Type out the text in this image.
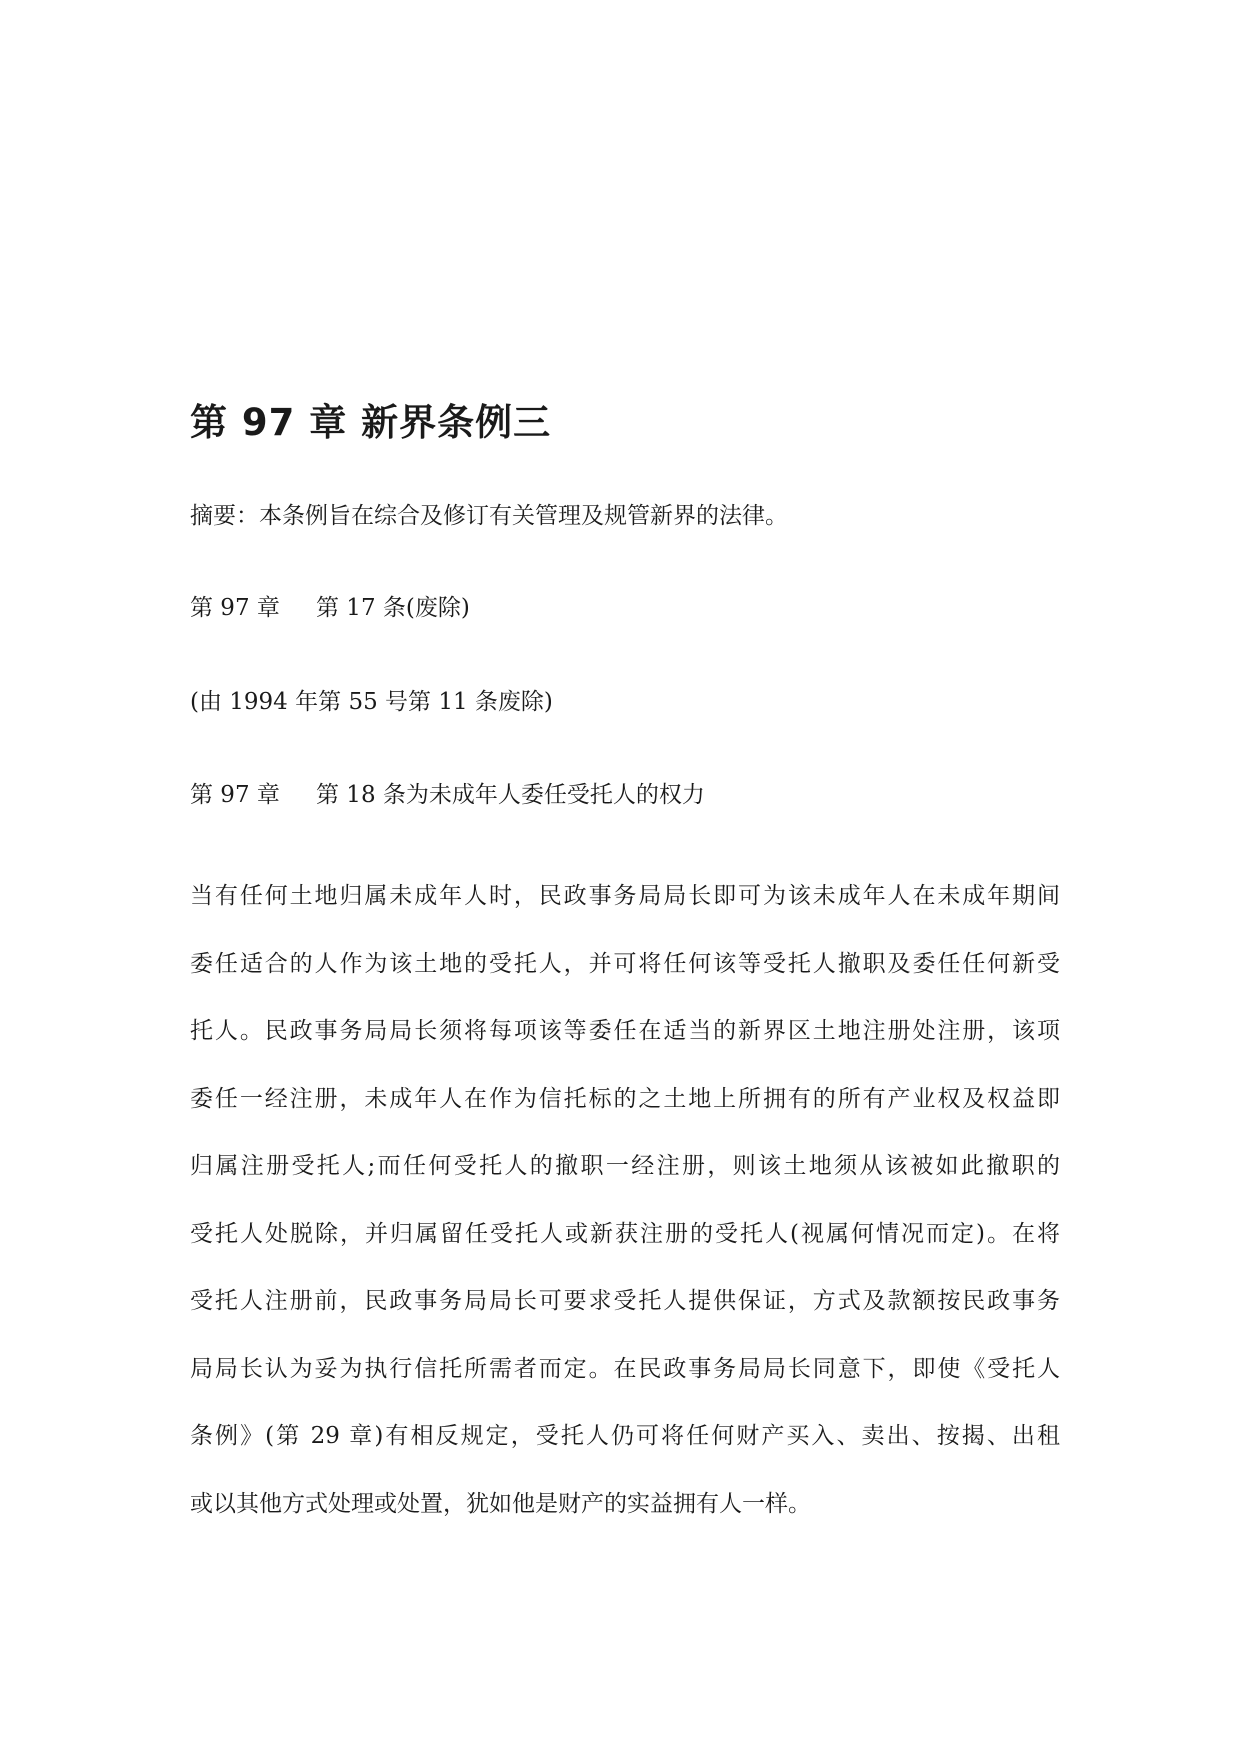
第 97 章 新界条例三

摘要：本条例旨在综合及修订有关管理及规管新界的法律。

第 97 章 第 17 条(废除)

(由 1994 年第 55 号第 11 条废除)

第 97 章 第 18 条为未成年人委任受托人的权力

当有任何土地归属未成年人时，民政事务局局长即可为该未成年人在未成年期间
委任适合的人作为该土地的受托人，并可将任何该等受托人撤职及委任任何新受
托人。民政事务局局长须将每项该等委任在适当的新界区土地注册处注册，该项
委任一经注册，未成年人在作为信托标的之土地上所拥有的所有产业权及权益即
归属注册受托人;而任何受托人的撤职一经注册，则该土地须从该被如此撤职的
受托人处脱除，并归属留任受托人或新获注册的受托人(视属何情况而定)。在将
受托人注册前，民政事务局局长可要求受托人提供保证，方式及款额按民政事务
局局长认为妥为执行信托所需者而定。在民政事务局局长同意下，即使《受托人
条例》(第 29 章)有相反规定，受托人仍可将任何财产买入、卖出、按揭、出租
或以其他方式处理或处置，犹如他是财产的实益拥有人一样。
